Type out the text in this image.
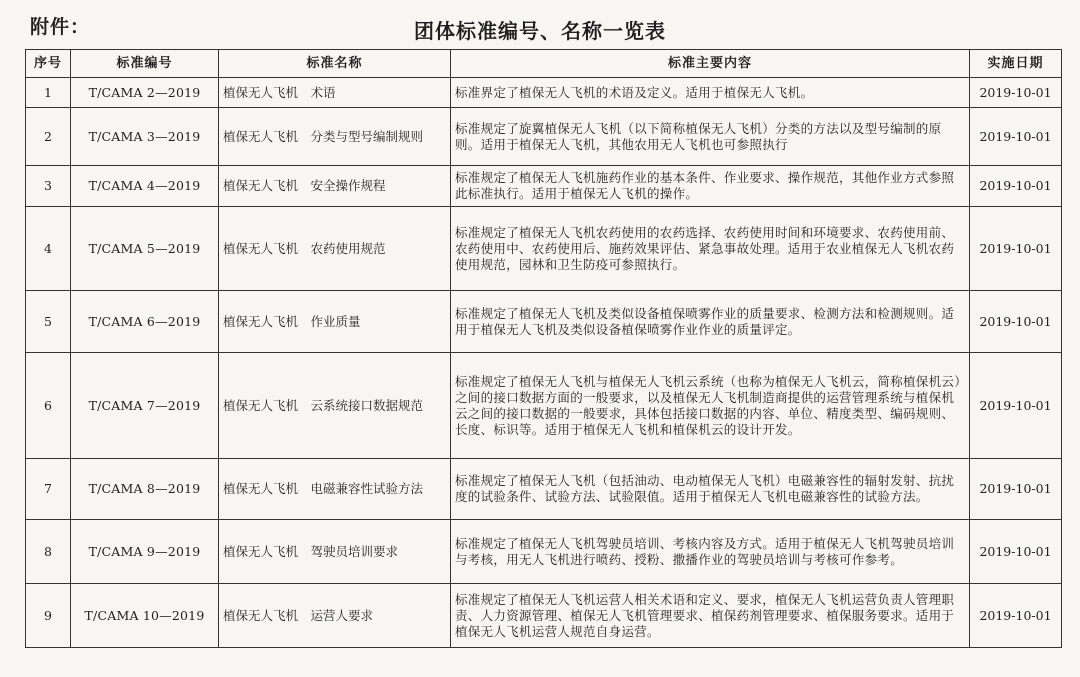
附件：	团体标准编号、名称一览表
序号	标准编号	标准名称	标准主要内容	实施日期
1	T/CAMA 2—2019	植保无人飞机　术语	标准界定了植保无人飞机的术语及定义。适用于植保无人飞机。	2019-10-01
2	T/CAMA 3—2019	植保无人飞机　分类与型号编制规则	标准规定了旋翼植保无人飞机（以下简称植保无人飞机）分类的方法以及型号编制的原则。适用于植保无人飞机，其他农用无人飞机也可参照执行	2019-10-01
3	T/CAMA 4—2019	植保无人飞机　安全操作规程	标准规定了植保无人飞机施药作业的基本条件、作业要求、操作规范，其他作业方式参照此标准执行。适用于植保无人飞机的操作。	2019-10-01
4	T/CAMA 5—2019	植保无人飞机　农药使用规范	标准规定了植保无人飞机农药使用的农药选择、农药使用时间和环境要求、农药使用前、农药使用中、农药使用后、施药效果评估、紧急事故处理。适用于农业植保无人飞机农药使用规范，园林和卫生防疫可参照执行。	2019-10-01
5	T/CAMA 6—2019	植保无人飞机　作业质量	标准规定了植保无人飞机及类似设备植保喷雾作业的质量要求、检测方法和检测规则。适用于植保无人飞机及类似设备植保喷雾作业作业的质量评定。	2019-10-01
6	T/CAMA 7—2019	植保无人飞机　云系统接口数据规范	标准规定了植保无人飞机与植保无人飞机云系统（也称为植保无人飞机云，简称植保机云）之间的接口数据方面的一般要求，以及植保无人飞机制造商提供的运营管理系统与植保机云之间的接口数据的一般要求，具体包括接口数据的内容、单位、精度类型、编码规则、长度、标识等。适用于植保无人飞机和植保机云的设计开发。	2019-10-01
7	T/CAMA 8—2019	植保无人飞机　电磁兼容性试验方法	标准规定了植保无人飞机（包括油动、电动植保无人飞机）电磁兼容性的辐射发射、抗扰度的试验条件、试验方法、试验限值。适用于植保无人飞机电磁兼容性的试验方法。	2019-10-01
8	T/CAMA 9—2019	植保无人飞机　驾驶员培训要求	标准规定了植保无人飞机驾驶员培训、考核内容及方式。适用于植保无人飞机驾驶员培训与考核，用无人飞机进行喷药、授粉、撒播作业的驾驶员培训与考核可作参考。	2019-10-01
9	T/CAMA 10—2019	植保无人飞机　运营人要求	标准规定了植保无人飞机运营人相关术语和定义、要求，植保无人飞机运营负责人管理职责、人力资源管理、植保无人飞机管理要求、植保药剂管理要求、植保服务要求。适用于植保无人飞机运营人规范自身运营。	2019-10-01
